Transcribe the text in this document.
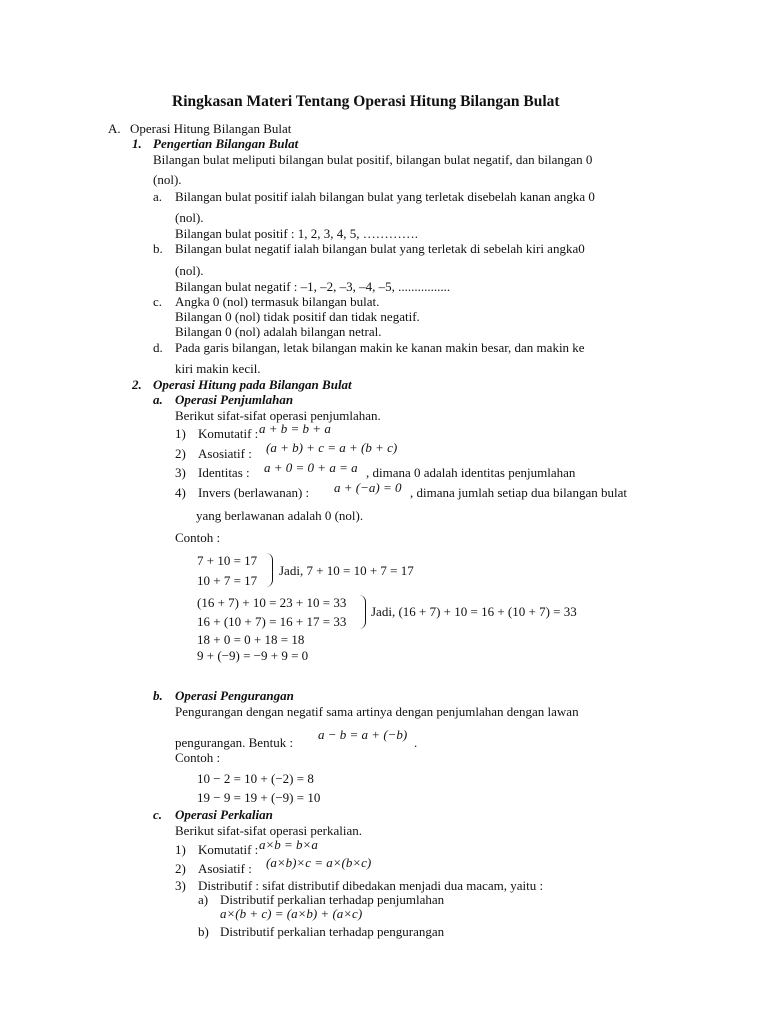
Ringkasan Materi Tentang Operasi Hitung Bilangan Bulat
A. Operasi Hitung Bilangan Bulat
1. Pengertian Bilangan Bulat
Bilangan bulat meliputi bilangan bulat positif, bilangan bulat negatif, dan bilangan 0
(nol).
a. Bilangan bulat positif ialah bilangan bulat yang terletak disebelah kanan angka 0
(nol).
Bilangan bulat positif : 1, 2, 3, 4, 5, ………….
b. Bilangan bulat negatif ialah bilangan bulat yang terletak di sebelah kiri angka0
(nol).
Bilangan bulat negatif : –1, –2, –3, –4, –5, ................
c. Angka 0 (nol) termasuk bilangan bulat.
Bilangan 0 (nol) tidak positif dan tidak negatif.
Bilangan 0 (nol) adalah bilangan netral.
d. Pada garis bilangan, letak bilangan makin ke kanan makin besar, dan makin ke
kiri makin kecil.
2. Operasi Hitung pada Bilangan Bulat
a. Operasi Penjumlahan
Berikut sifat-sifat operasi penjumlahan.
1) Komutatif : a + b = b + a
2) Asosiatif : (a + b) + c = a + (b + c)
3) Identitas : a + 0 = 0 + a = a , dimana 0 adalah identitas penjumlahan
4) Invers (berlawanan) : a + (−a) = 0 , dimana jumlah setiap dua bilangan bulat
yang berlawanan adalah 0 (nol).
Contoh :
7 + 10 = 17
10 + 7 = 17
Jadi, 7 + 10 = 10 + 7 = 17
(16 + 7) + 10 = 23 + 10 = 33
16 + (10 + 7) = 16 + 17 = 33
Jadi, (16 + 7) + 10 = 16 + (10 + 7) = 33
18 + 0 = 0 + 18 = 18
9 + (−9) = −9 + 9 = 0
b. Operasi Pengurangan
Pengurangan dengan negatif sama artinya dengan penjumlahan dengan lawan
pengurangan. Bentuk :
a − b = a + (−b)
.
Contoh :
10 − 2 = 10 + (−2) = 8
19 − 9 = 19 + (−9) = 10
c. Operasi Perkalian
Berikut sifat-sifat operasi perkalian.
1) Komutatif : a×b = b×a
2) Asosiatif : (a×b)×c = a×(b×c)
3) Distributif : sifat distributif dibedakan menjadi dua macam, yaitu :
a) Distributif perkalian terhadap penjumlahan
a×(b + c) = (a×b) + (a×c)
b) Distributif perkalian terhadap pengurangan
